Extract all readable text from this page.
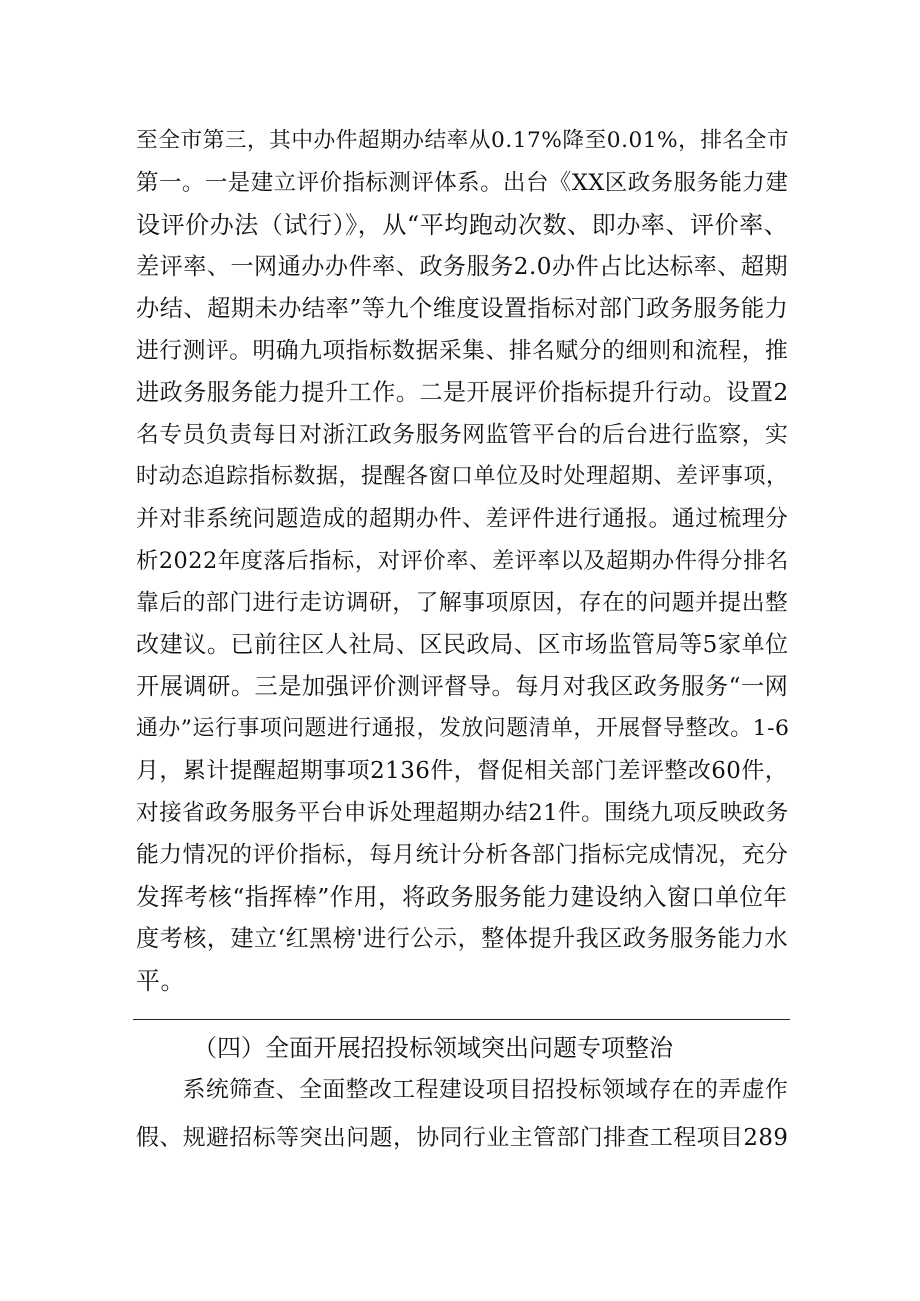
至全市第三，其中办件超期办结率从0.17%降至0.01%，排名全市
第一。一是建立评价指标测评体系。出台《XX区政务服务能力建
设评价办法（试行）》，从“平均跑动次数、即办率、评价率、
差评率、一网通办办件率、政务服务2.0办件占比达标率、超期
办结、超期未办结率”等九个维度设置指标对部门政务服务能力
进行测评。明确九项指标数据采集、排名赋分的细则和流程，推
进政务服务能力提升工作。二是开展评价指标提升行动。设置2
名专员负责每日对浙江政务服务网监管平台的后台进行监察，实
时动态追踪指标数据，提醒各窗口单位及时处理超期、差评事项，
并对非系统问题造成的超期办件、差评件进行通报。通过梳理分
析2022年度落后指标，对评价率、差评率以及超期办件得分排名
靠后的部门进行走访调研，了解事项原因，存在的问题并提出整
改建议。已前往区人社局、区民政局、区市场监管局等5家单位
开展调研。三是加强评价测评督导。每月对我区政务服务“一网
通办”运行事项问题进行通报，发放问题清单，开展督导整改。1-6
月，累计提醒超期事项2136件，督促相关部门差评整改60件，
对接省政务服务平台申诉处理超期办结21件。围绕九项反映政务
能力情况的评价指标，每月统计分析各部门指标完成情况，充分
发挥考核“指挥棒”作用，将政务服务能力建设纳入窗口单位年
度考核，建立‘红黑榜'进行公示，整体提升我区政务服务能力水
平。
（四）全面开展招投标领域突出问题专项整治
　　系统筛查、全面整改工程建设项目招投标领域存在的弄虚作
假、规避招标等突出问题，协同行业主管部门排查工程项目289
